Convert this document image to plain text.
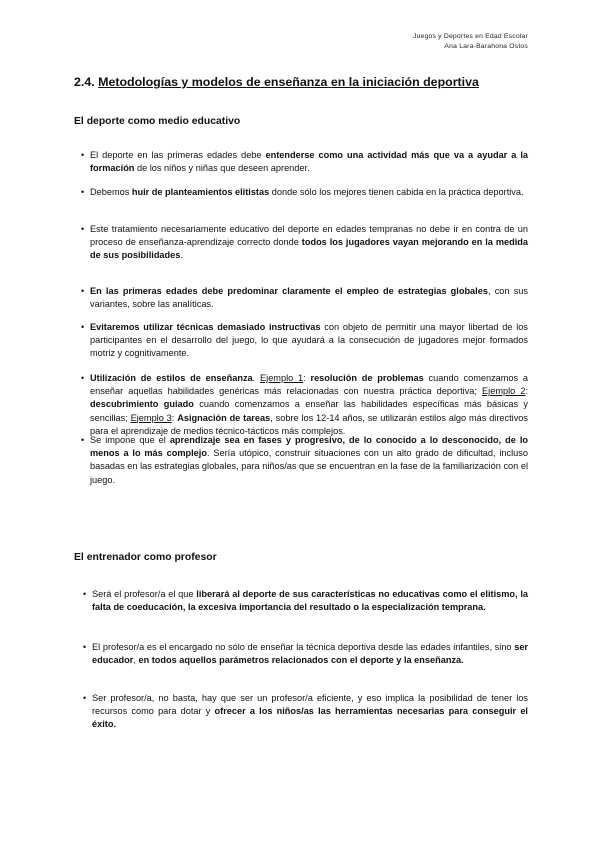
Juegos y Deportes en Edad Escolar
Ana Lara-Barahona Ostos
2.4. Metodologías y modelos de enseñanza en la iniciación deportiva
El deporte como medio educativo
• El deporte en las primeras edades debe entenderse como una actividad más que va a ayudar a la formación de los niños y niñas que deseen aprender.
• Debemos huir de planteamientos elitistas donde sólo los mejores tienen cabida en la práctica deportiva.
• Este tratamiento necesariamente educativo del deporte en edades tempranas no debe ir en contra de un proceso de enseñanza-aprendizaje correcto donde todos los jugadores vayan mejorando en la medida de sus posibilidades.
• En las primeras edades debe predominar claramente el empleo de estrategias globales, con sus variantes, sobre las analíticas.
• Evitaremos utilizar técnicas demasiado instructivas con objeto de permitir una mayor libertad de los participantes en el desarrollo del juego, lo que ayudará a la consecución de jugadores mejor formados motriz y cognitivamente.
• Utilización de estilos de enseñanza. Ejemplo 1: resolución de problemas cuando comenzamos a enseñar aquellas habilidades genéricas más relacionadas con nuestra práctica deportiva; Ejemplo 2: descubrimiento guiado cuando comenzamos a enseñar las habilidades específicas más básicas y sencillas; Ejemplo 3: Asignación de tareas, sobre los 12-14 años, se utilizarán estilos algo más directivos para el aprendizaje de medios técnico-tácticos más complejos.
• Se impone que el aprendizaje sea en fases y progresivo, de lo conocido a lo desconocido, de lo menos a lo más complejo. Sería utópico, construir situaciones con un alto grado de dificultad, incluso basadas en las estrategias globales, para niños/as que se encuentran en la fase de la familiarización con el juego.
El entrenador como profesor
• Será el profesor/a el que liberará al deporte de sus características no educativas como el elitismo, la falta de coeducación, la excesiva importancia del resultado o la especialización temprana.
• El profesor/a es el encargado no sólo de enseñar la técnica deportiva desde las edades infantiles, sino ser educador, en todos aquellos parámetros relacionados con el deporte y la enseñanza.
• Ser profesor/a, no basta, hay que ser un profesor/a eficiente, y eso implica la posibilidad de tener los recursos como para dotar y ofrecer a los niños/as las herramientas necesarias para conseguir el éxito.
